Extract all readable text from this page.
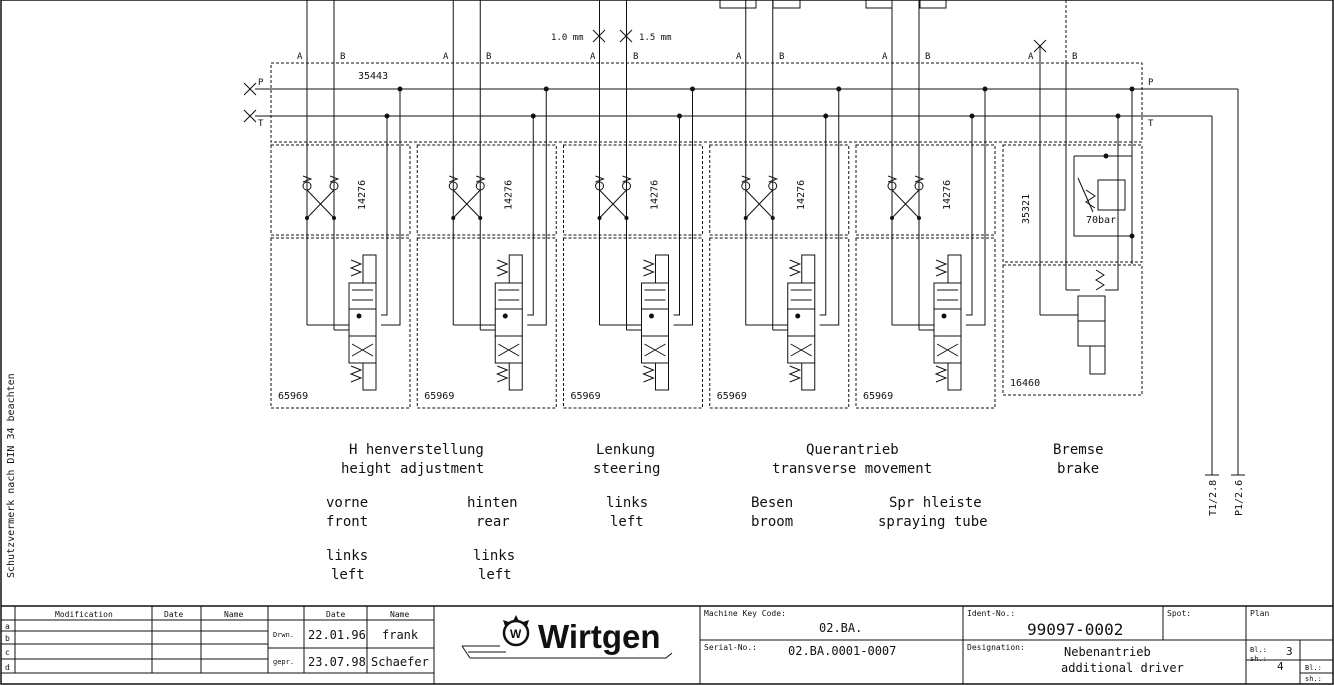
Schutzvermerk nach DIN 34 beachten
35443
P
T
P
T
1.0 mm	1.5 mm
A	B	A	B	A	B	A	B	A	B	A	B
14276
65969
14276
65969
14276
65969
14276
65969
14276
65969
35321	70bar
16460
H henverstellung
height adjustment
Lenkung
steering
Querantrieb
transverse movement
Bremse
brake
vorne
front
hinten
rear
links
left
Besen
broom
Spr hleiste
spraying tube
links
left
links
left
T1/2.8 P1/2.6
a
b
c
d
Modification	Date	Name	Date	Name
Drwn. 22.01.96 frank
gepr. 23.07.98 Schaefer
W Wirtgen
Machine Key Code:
02.BA.
Serial-No.:	02.BA.0001-0007
Ident-No.:
99097-0002
Spot:
Designation:	Nebenantrieb
additional driver
Plan
Bl.: 3
sh.:
4	Bl.:
sh.:
